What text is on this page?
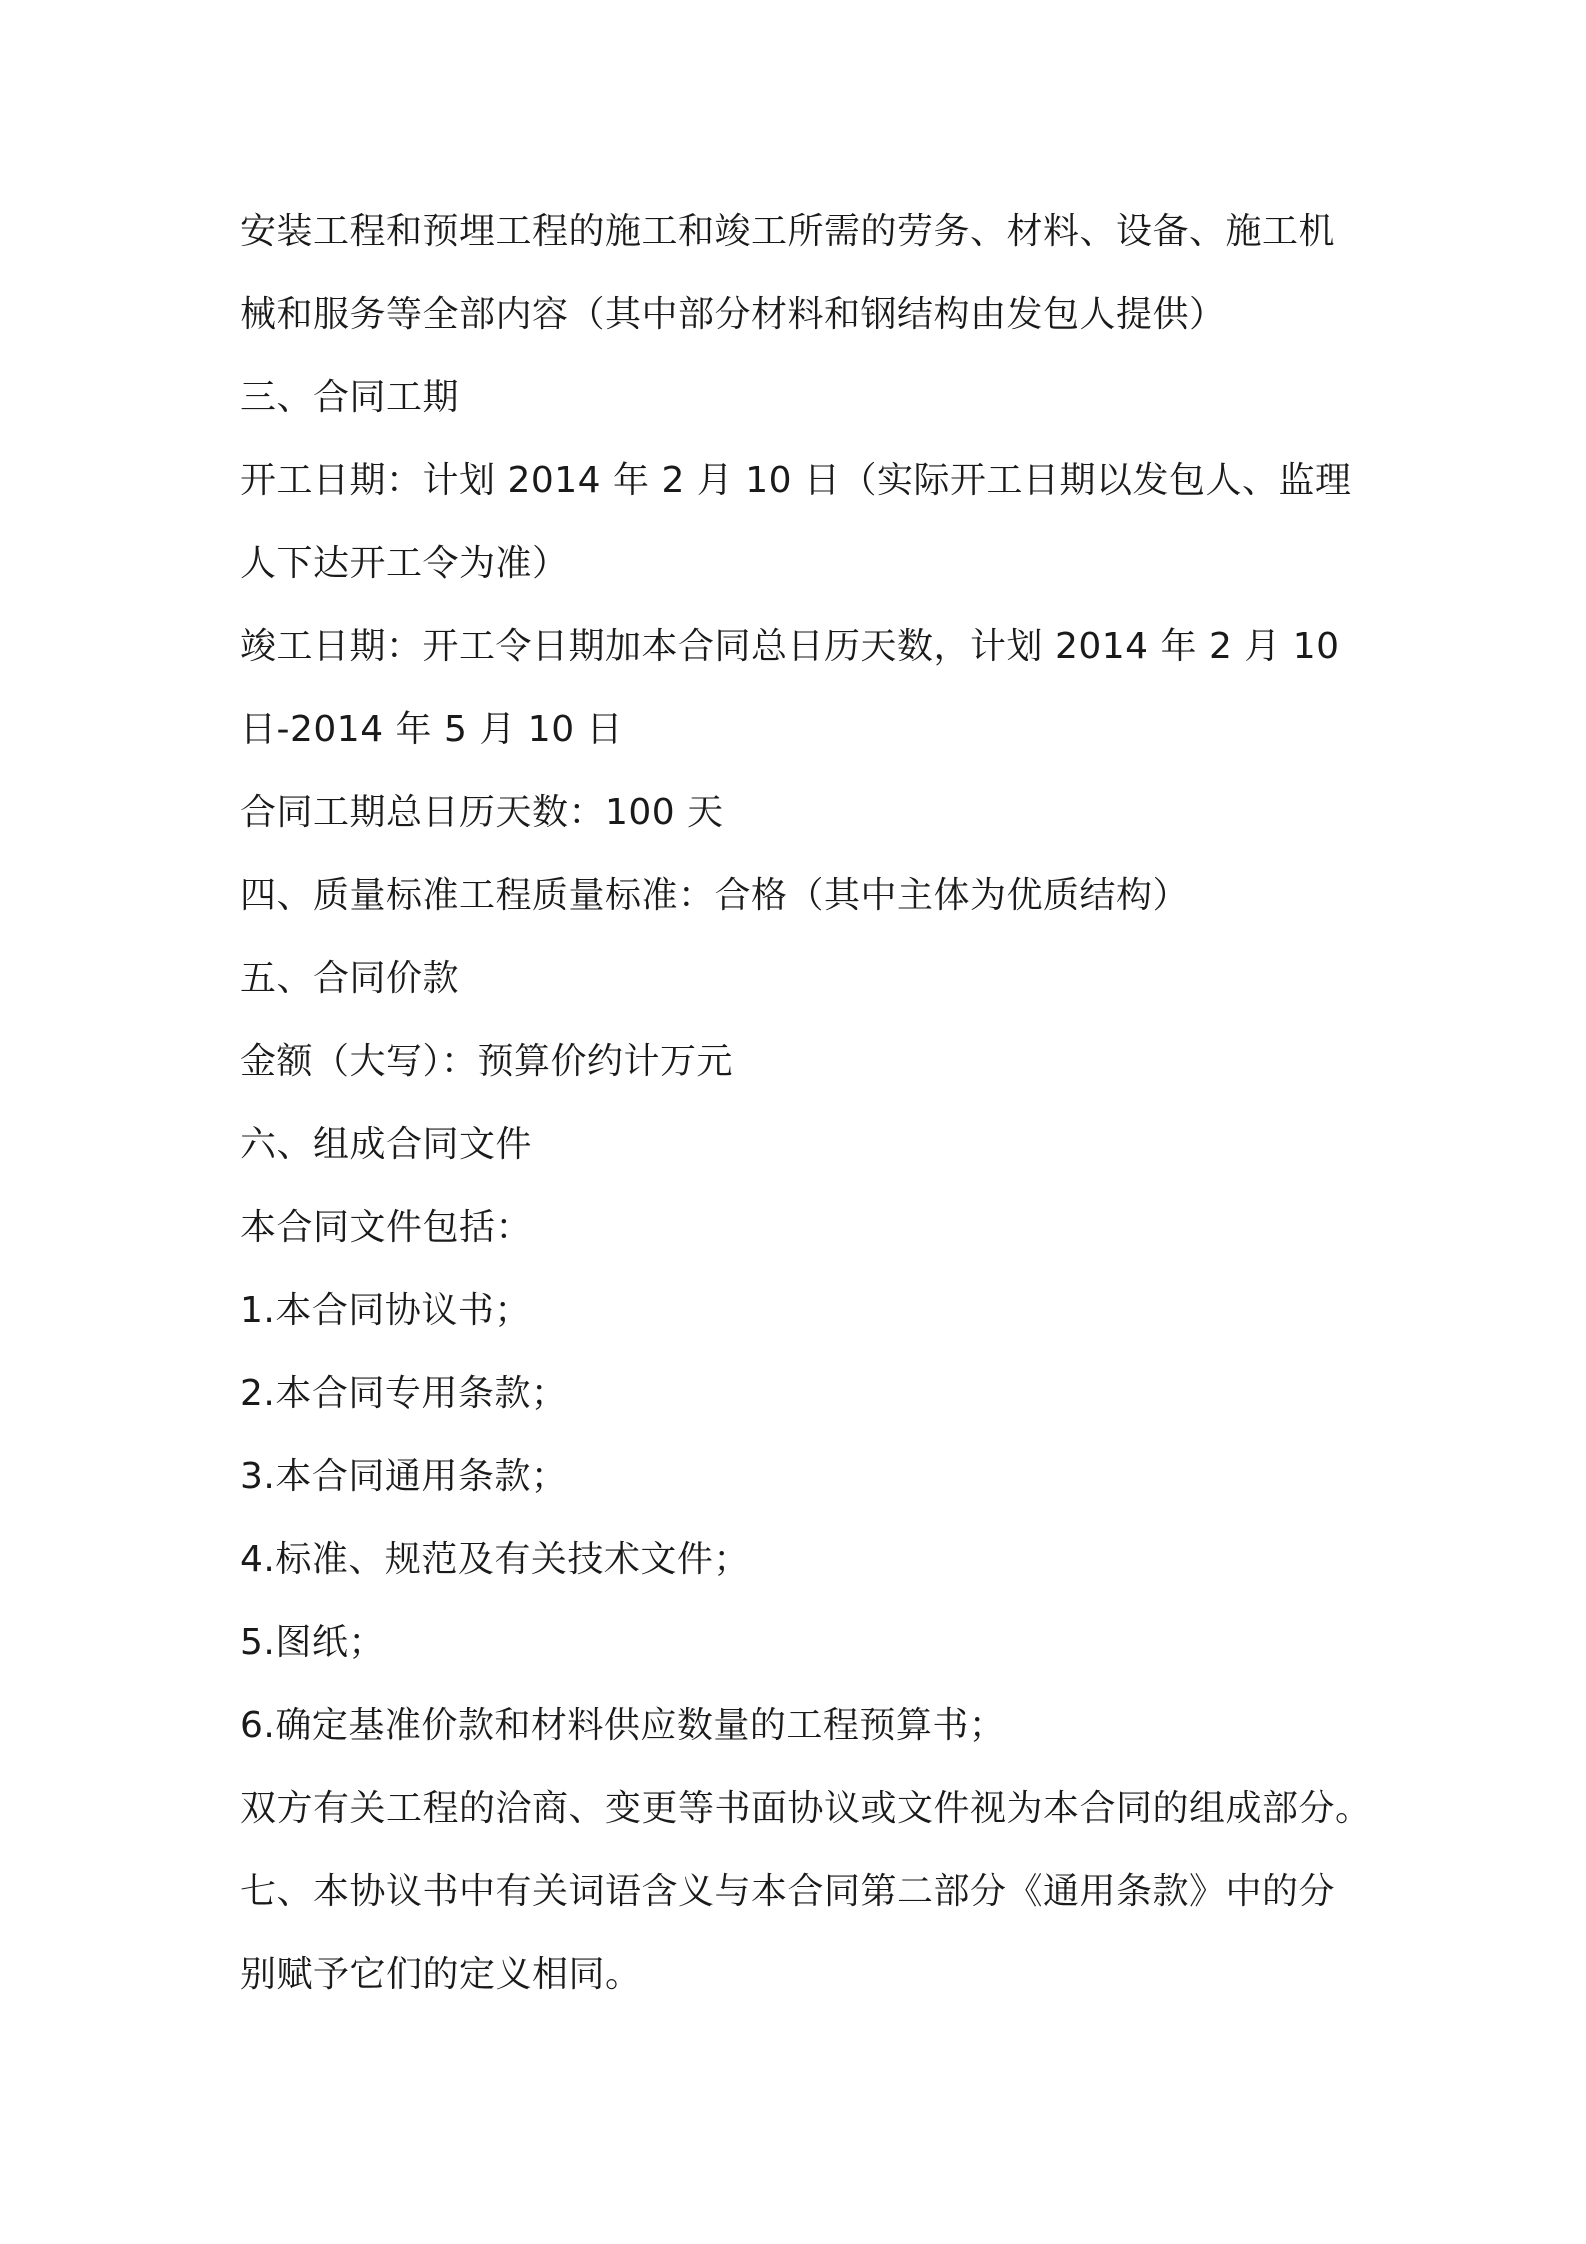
安装工程和预埋工程的施工和竣工所需的劳务、材料、设备、施工机
械和服务等全部内容（其中部分材料和钢结构由发包人提供）
三、合同工期
开工日期：计划 2014 年 2 月 10 日（实际开工日期以发包人、监理
人下达开工令为准）
竣工日期：开工令日期加本合同总日历天数，计划 2014 年 2 月 10
日-2014 年 5 月 10 日
合同工期总日历天数：100 天
四、质量标准工程质量标准：合格（其中主体为优质结构）
五、合同价款
金额（大写）：预算价约计万元
六、组成合同文件
本合同文件包括：
1.本合同协议书；
2.本合同专用条款；
3.本合同通用条款；
4.标准、规范及有关技术文件；
5.图纸；
6.确定基准价款和材料供应数量的工程预算书；
双方有关工程的洽商、变更等书面协议或文件视为本合同的组成部分。
七、本协议书中有关词语含义与本合同第二部分《通用条款》中的分
别赋予它们的定义相同。
